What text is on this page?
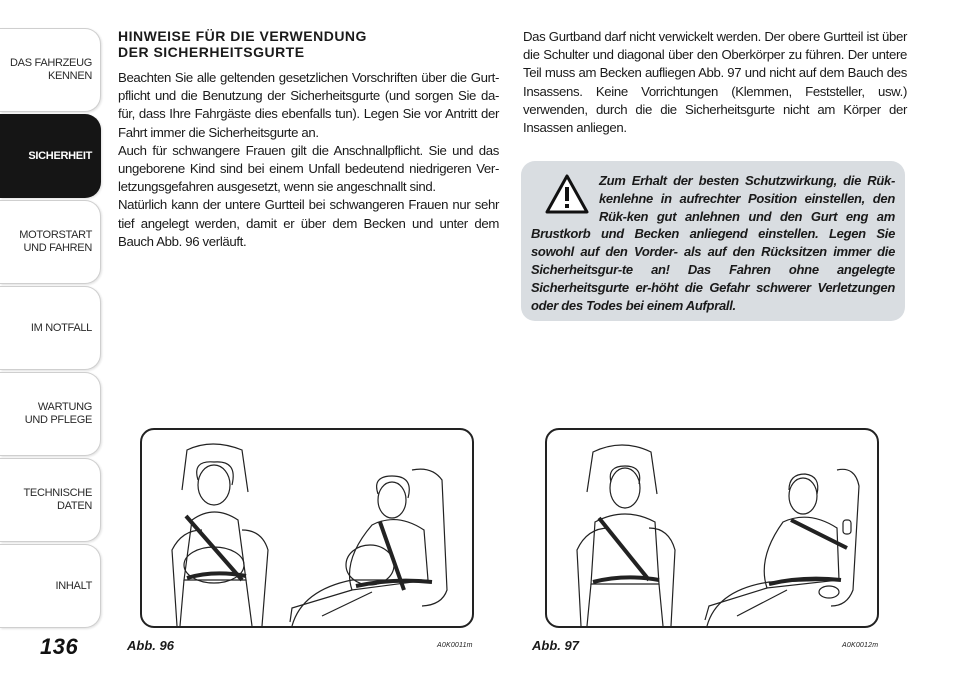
DAS FAHRZEUG
KENNEN
SICHERHEIT
MOTORSTART
UND FAHREN
IM NOTFALL
WARTUNG
UND PFLEGE
TECHNISCHE
DATEN
INHALT
136
HINWEISE FÜR DIE VERWENDUNG
DER SICHERHEITSGURTE

Beachten Sie alle geltenden gesetzlichen Vorschriften über die Gurt-pflicht und die Benutzung der Sicherheitsgurte (und sorgen Sie da-für, dass Ihre Fahrgäste dies ebenfalls tun). Legen Sie vor Antritt der Fahrt immer die Sicherheitsgurte an.

Auch für schwangere Frauen gilt die Anschnallpflicht. Sie und das ungeborene Kind sind bei einem Unfall bedeutend niedrigeren Ver-letzungsgefahren ausgesetzt, wenn sie angeschnallt sind.

Natürlich kann der untere Gurtteil bei schwangeren Frauen nur sehr tief angelegt werden, damit er über dem Becken und unter dem Bauch Abb. 96 verläuft.

Das Gurtband darf nicht verwickelt werden. Der obere Gurtteil ist über die Schulter und diagonal über den Oberkörper zu führen. Der untere Teil muss am Becken aufliegen Abb. 97 und nicht auf dem Bauch des Insassens. Keine Vorrichtungen (Klemmen, Feststeller, usw.) verwenden, durch die die Sicherheitsgurte nicht am Körper der Insassen anliegen.

Zum Erhalt der besten Schutzwirkung, die Rük-kenlehne in aufrechter Position einstellen, den Rük-ken gut anlehnen und den Gurt eng am Brustkorb und Becken anliegend einstellen. Legen Sie sowohl auf den Vorder- als auf den Rücksitzen immer die Sicherheitsgur-te an! Das Fahren ohne angelegte Sicherheitsgurte er-höht die Gefahr schwerer Verletzungen oder des Todes bei einem Aufprall.
Abb. 96	A0K0011m	Abb. 97	A0K0012m
